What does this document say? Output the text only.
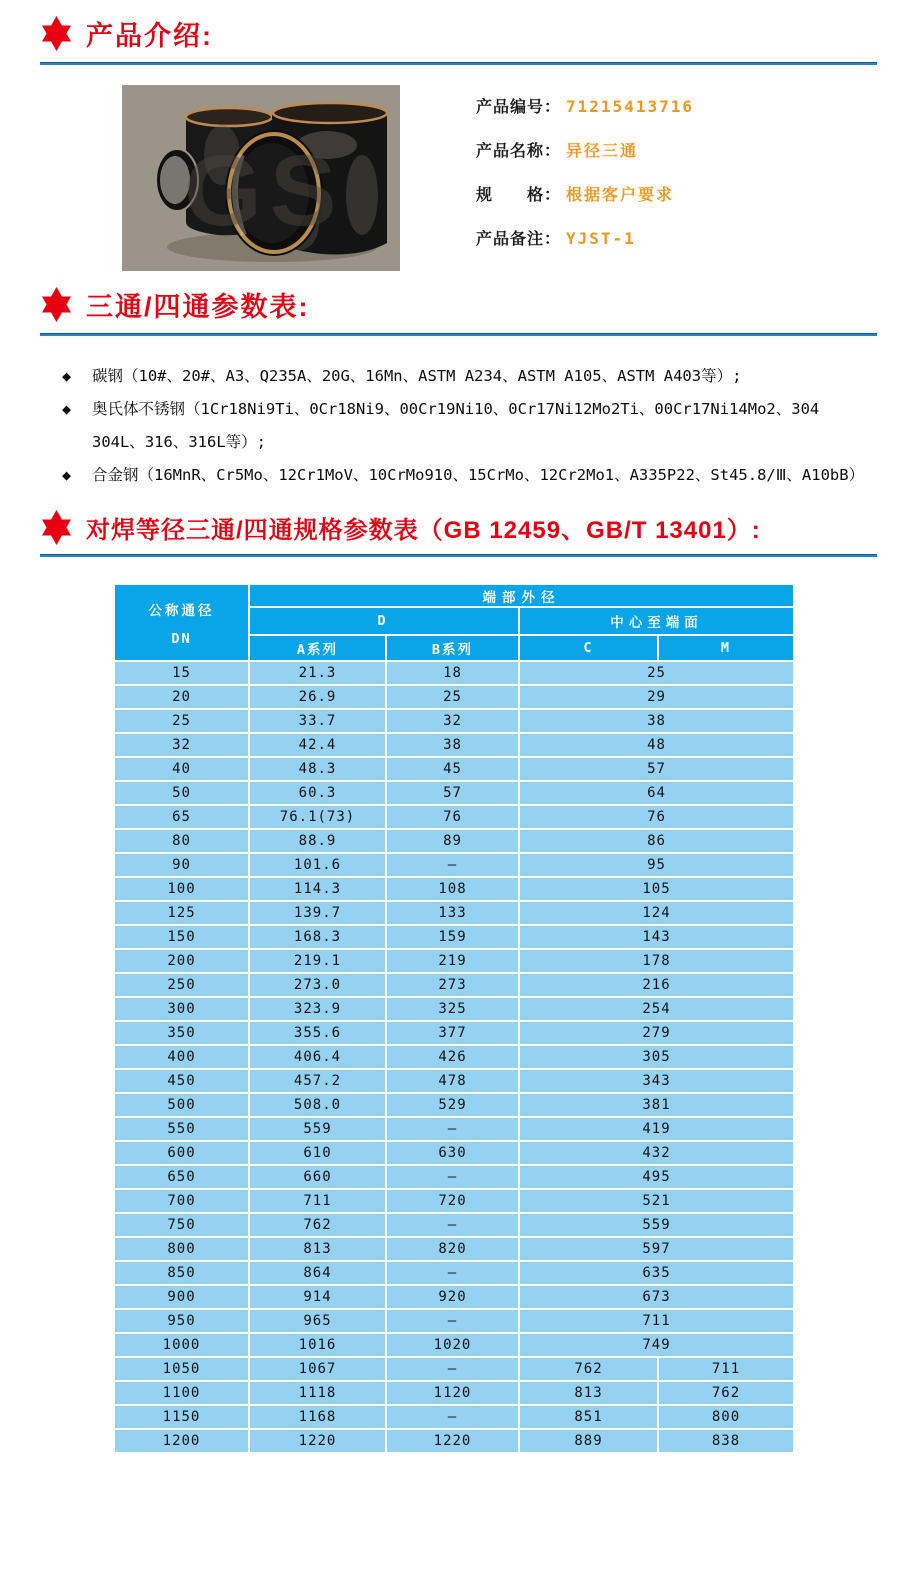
产品介绍:
GS
产品编号： 71215413716
产品名称： 异径三通
规　　格： 根据客户要求
产品备注： YJST-1
三通/四通参数表:
◆	碳钢（10#、20#、A3、Q235A、20G、16Mn、ASTM A234、ASTM A105、ASTM A403等）;
◆	奥氏体不锈钢（1Cr18Ni9Ti、0Cr18Ni9、00Cr19Ni10、0Cr17Ni12Mo2Ti、00Cr17Ni14Mo2、304 304L、316、316L等）;
◆	合金钢（16MnR、Cr5Mo、12Cr1MoV、10CrMo910、15CrMo、12Cr2Mo1、A335P22、St45.8/Ⅲ、A10bB）
对焊等径三通/四通规格参数表（GB 12459、GB/T 13401）:
公称通径
DN	端部外径			
	D		中心至端面	
	A系列	B系列	C	M
15	21.3	18	25	
20	26.9	25	29	
25	33.7	32	38	
32	42.4	38	48	
40	48.3	45	57	
50	60.3	57	64	
65	76.1(73)	76	76	
80	88.9	89	86	
90	101.6	—	95	
100	114.3	108	105	
125	139.7	133	124	
150	168.3	159	143	
200	219.1	219	178	
250	273.0	273	216	
300	323.9	325	254	
350	355.6	377	279	
400	406.4	426	305	
450	457.2	478	343	
500	508.0	529	381	
550	559	—	419	
600	610	630	432	
650	660	—	495	
700	711	720	521	
750	762	—	559	
800	813	820	597	
850	864	—	635	
900	914	920	673	
950	965	—	711	
1000	1016	1020	749	
1050	1067	—	762	711
1100	1118	1120	813	762
1150	1168	—	851	800
1200	1220	1220	889	838
